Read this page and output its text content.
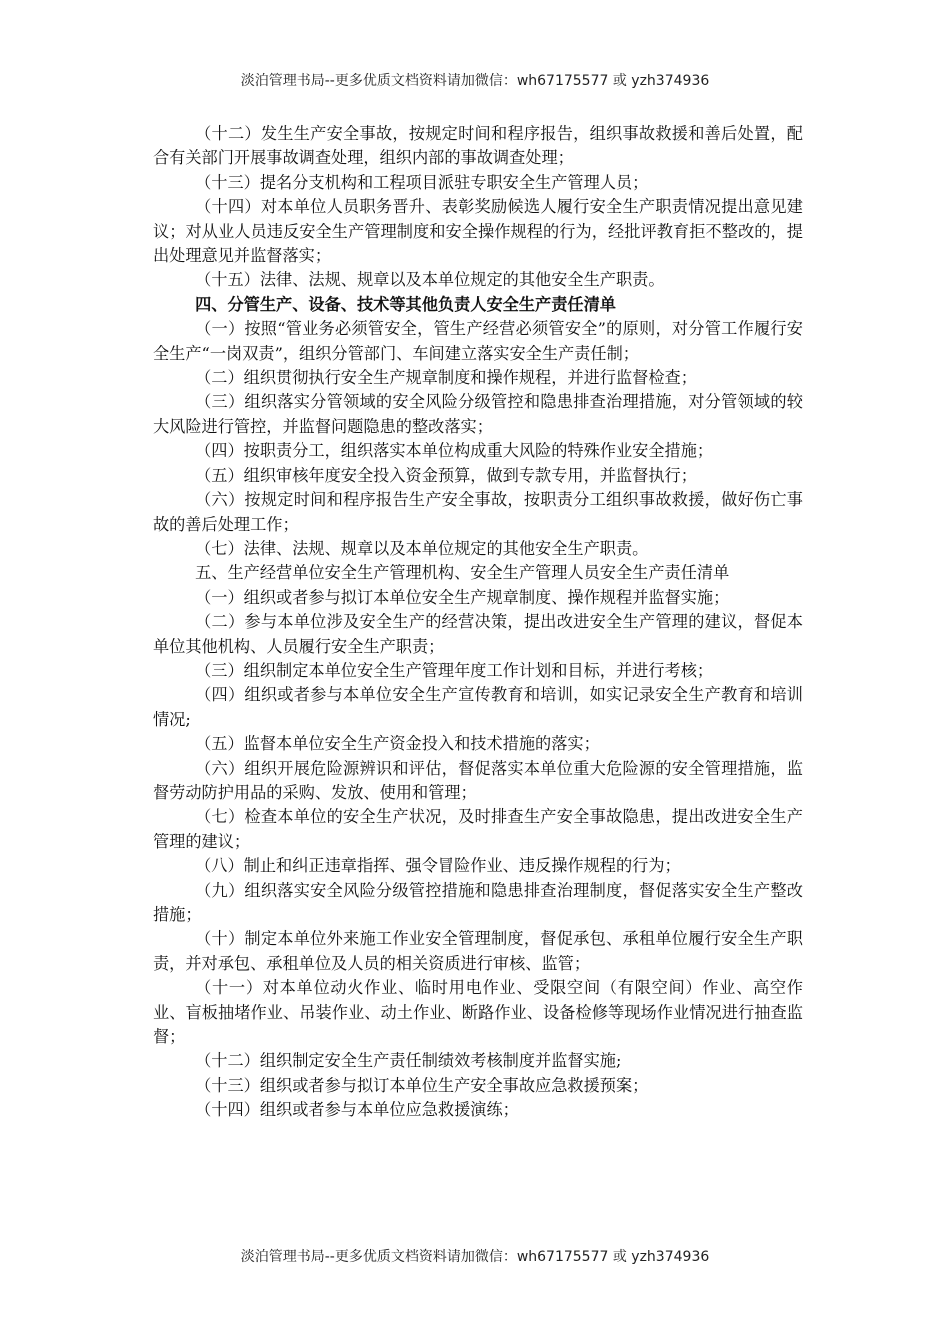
淡泊管理书局--更多优质文档资料请加微信：wh67175577 或 yzh374936

（十二）发生生产安全事故，按规定时间和程序报告，组织事故救援和善后处置，配合有关部门开展事故调查处理，组织内部的事故调查处理；

（十三）提名分支机构和工程项目派驻专职安全生产管理人员；

（十四）对本单位人员职务晋升、表彰奖励候选人履行安全生产职责情况提出意见建议；对从业人员违反安全生产管理制度和安全操作规程的行为，经批评教育拒不整改的，提出处理意见并监督落实；

（十五）法律、法规、规章以及本单位规定的其他安全生产职责。

四、分管生产、设备、技术等其他负责人安全生产责任清单

（一）按照“管业务必须管安全，管生产经营必须管安全”的原则，对分管工作履行安全生产“一岗双责”，组织分管部门、车间建立落实安全生产责任制；

（二）组织贯彻执行安全生产规章制度和操作规程，并进行监督检查；

（三）组织落实分管领域的安全风险分级管控和隐患排查治理措施，对分管领域的较大风险进行管控，并监督问题隐患的整改落实；

（四）按职责分工，组织落实本单位构成重大风险的特殊作业安全措施；

（五）组织审核年度安全投入资金预算，做到专款专用，并监督执行；

（六）按规定时间和程序报告生产安全事故，按职责分工组织事故救援，做好伤亡事故的善后处理工作；

（七）法律、法规、规章以及本单位规定的其他安全生产职责。

五、生产经营单位安全生产管理机构、安全生产管理人员安全生产责任清单

（一）组织或者参与拟订本单位安全生产规章制度、操作规程并监督实施；

（二）参与本单位涉及安全生产的经营决策，提出改进安全生产管理的建议，督促本单位其他机构、人员履行安全生产职责；

（三）组织制定本单位安全生产管理年度工作计划和目标，并进行考核；

（四）组织或者参与本单位安全生产宣传教育和培训，如实记录安全生产教育和培训情况;

（五）监督本单位安全生产资金投入和技术措施的落实；

（六）组织开展危险源辨识和评估，督促落实本单位重大危险源的安全管理措施，监督劳动防护用品的采购、发放、使用和管理；

（七）检查本单位的安全生产状况，及时排查生产安全事故隐患，提出改进安全生产管理的建议；

（八）制止和纠正违章指挥、强令冒险作业、违反操作规程的行为；

（九）组织落实安全风险分级管控措施和隐患排查治理制度，督促落实安全生产整改措施；

（十）制定本单位外来施工作业安全管理制度，督促承包、承租单位履行安全生产职责，并对承包、承租单位及人员的相关资质进行审核、监管；

（十一）对本单位动火作业、临时用电作业、受限空间（有限空间）作业、高空作业、盲板抽堵作业、吊装作业、动土作业、断路作业、设备检修等现场作业情况进行抽查监督；

（十二）组织制定安全生产责任制绩效考核制度并监督实施;

（十三）组织或者参与拟订本单位生产安全事故应急救援预案；

（十四）组织或者参与本单位应急救援演练；

淡泊管理书局--更多优质文档资料请加微信：wh67175577 或 yzh374936
